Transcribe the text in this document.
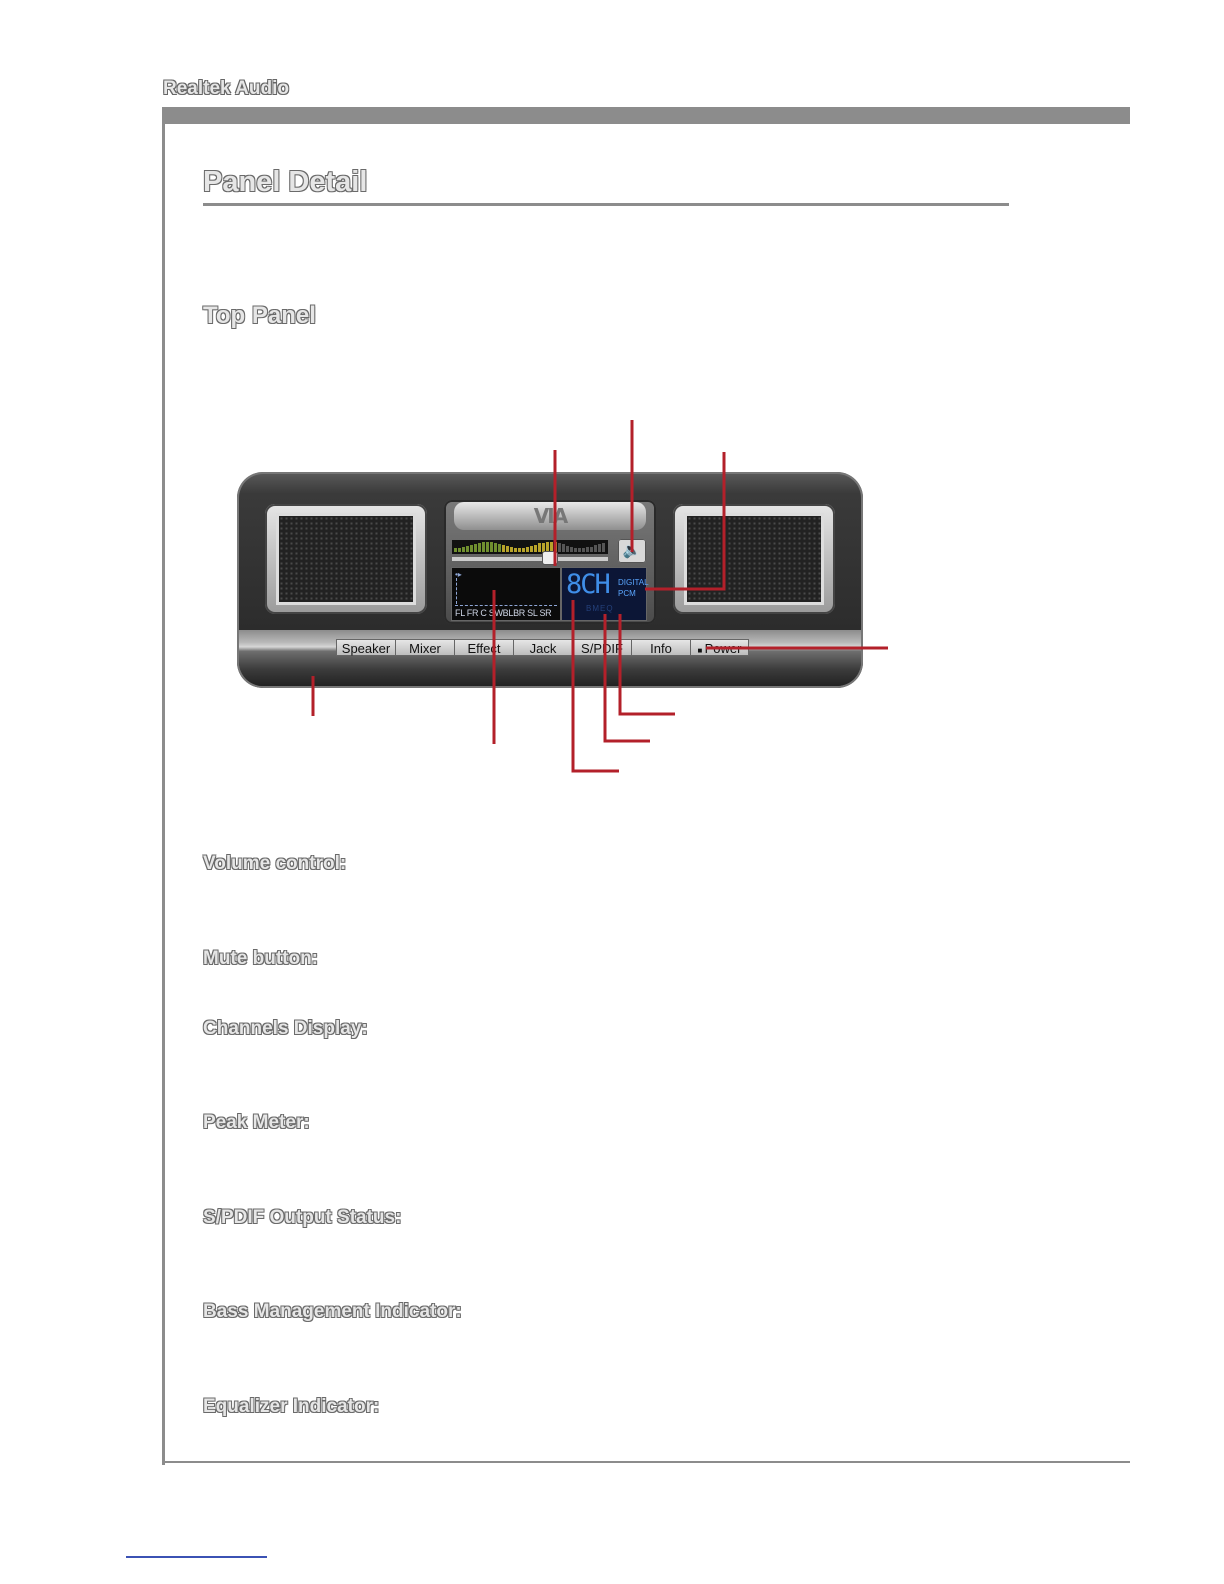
Realtek Audio
Panel Detail
Top Panel
VIA
🔈
•▸
FL FR C SWBLBR SL SR
8CH DIGITAL
PCM
BMEQ
Speaker	Mixer	Effect	Jack	S/PDIF	Info	■ Power
Volume control:
Mute button:
Channels Display:
Peak Meter:
S/PDIF Output Status:
Bass Management Indicator:
Equalizer Indicator:
